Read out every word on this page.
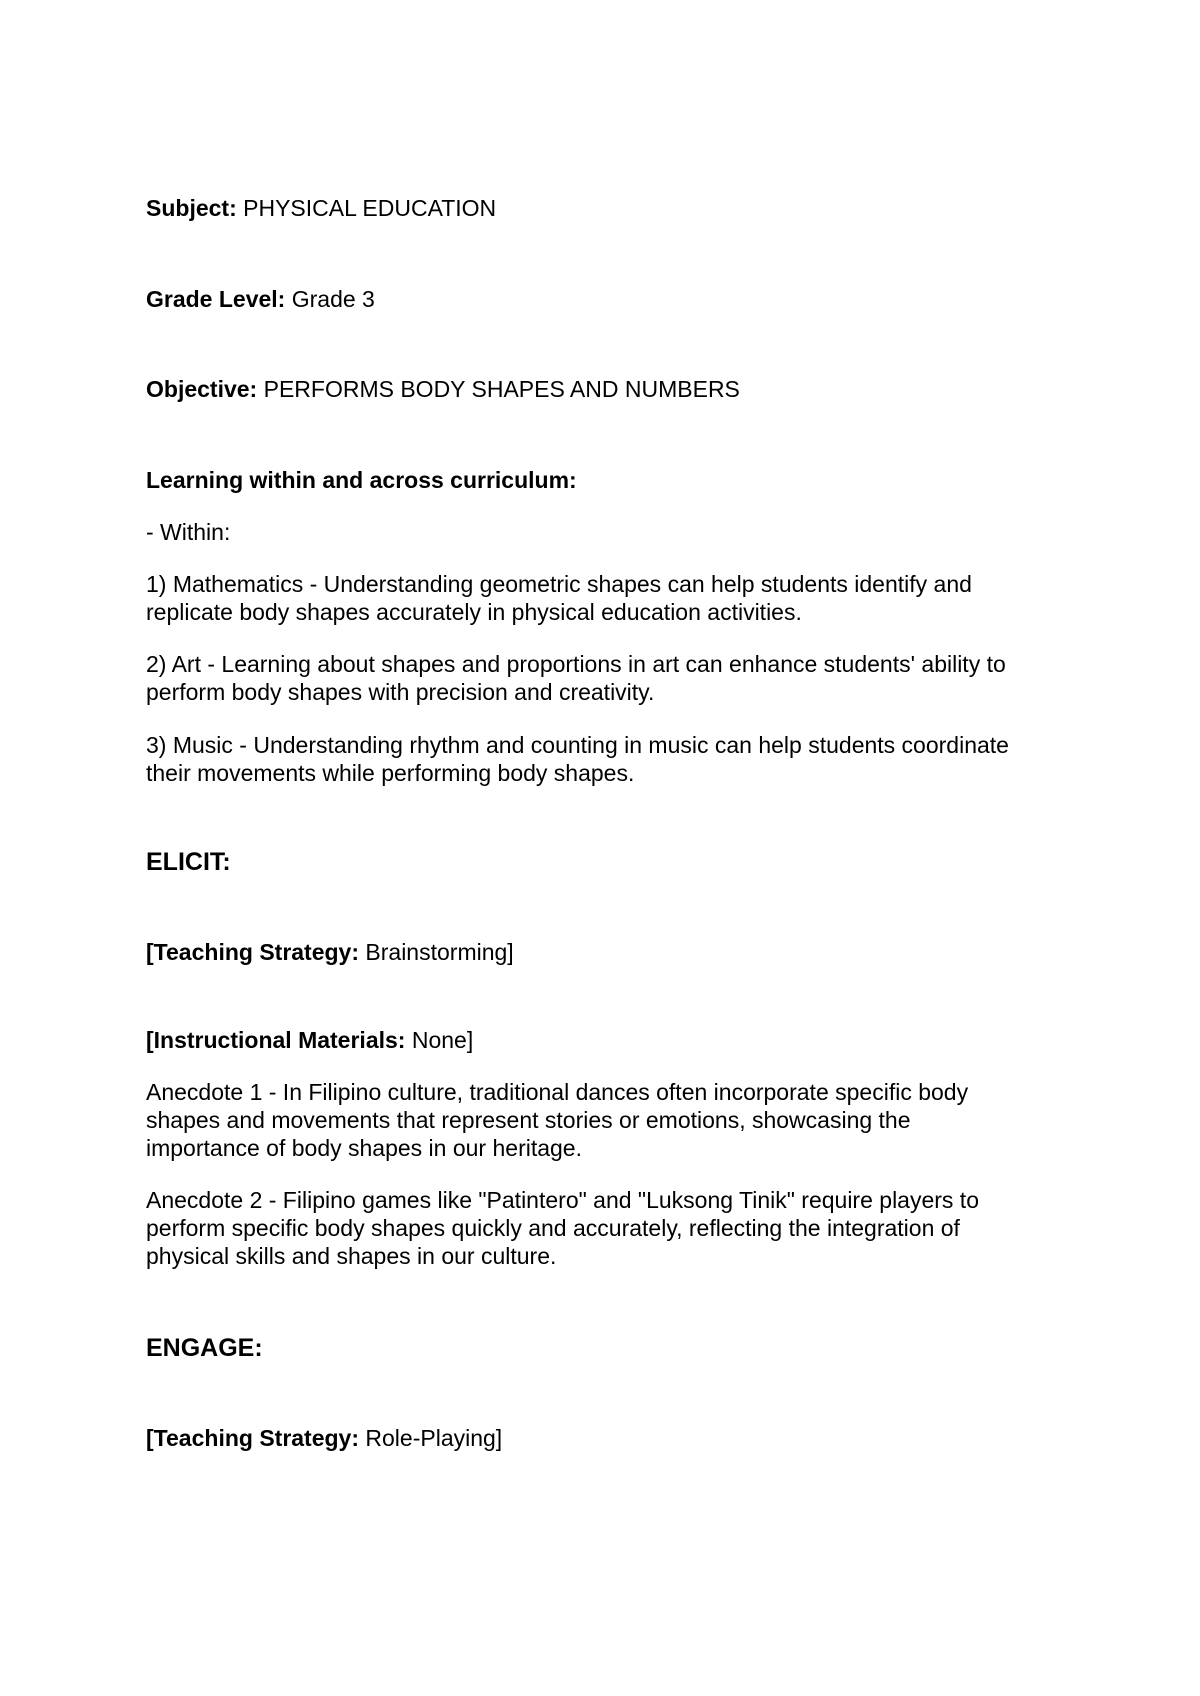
Subject: PHYSICAL EDUCATION
Grade Level: Grade 3
Objective: PERFORMS BODY SHAPES AND NUMBERS
Learning within and across curriculum:
- Within:
1) Mathematics - Understanding geometric shapes can help students identify and
replicate body shapes accurately in physical education activities.
2) Art - Learning about shapes and proportions in art can enhance students' ability to
perform body shapes with precision and creativity.
3) Music - Understanding rhythm and counting in music can help students coordinate
their movements while performing body shapes.
ELICIT:
[Teaching Strategy: Brainstorming]
[Instructional Materials: None]
Anecdote 1 - In Filipino culture, traditional dances often incorporate specific body
shapes and movements that represent stories or emotions, showcasing the
importance of body shapes in our heritage.
Anecdote 2 - Filipino games like "Patintero" and "Luksong Tinik" require players to
perform specific body shapes quickly and accurately, reflecting the integration of
physical skills and shapes in our culture.
ENGAGE:
[Teaching Strategy: Role-Playing]
